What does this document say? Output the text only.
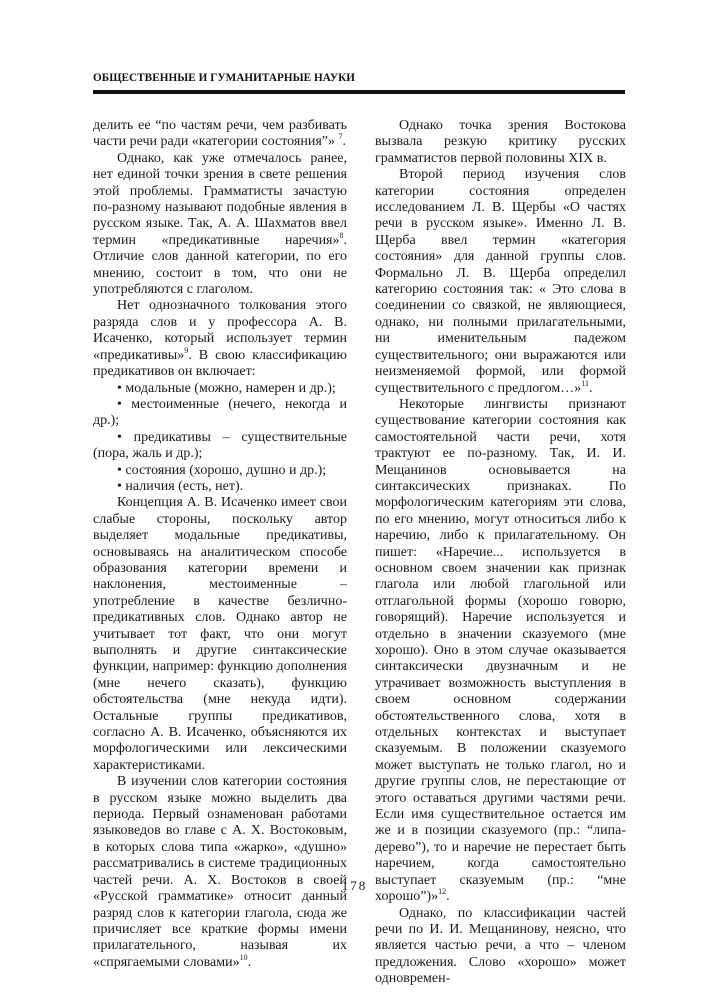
ОБЩЕСТВЕННЫЕ И ГУМАНИТАРНЫЕ НАУКИ

делить ее “по частям речи, чем разбивать части речи ради «категории состояния”» $^7$.

Однако, как уже отмечалось ранее, нет единой точки зрения в свете решения этой проблемы. Грамматисты зачастую по-разному называют подобные явления в русском языке. Так, А. А. Шахматов ввел термин «предикативные наречия»$^8$. Отличие слов данной категории, по его мнению, состоит в том, что они не употребляются с глаголом.

Нет однозначного толкования этого разряда слов и у профессора А. В. Исаченко, который использует термин «предикативы»$^9$. В свою классификацию предикативов он включает:

• модальные (можно, намерен и др.);

• местоименные (нечего, некогда и др.);

• предикативы – существительные (пора, жаль и др.);

• состояния (хорошо, душно и др.);

• наличия (есть, нет).

Концепция А. В. Исаченко имеет свои слабые стороны, поскольку автор выделяет модальные предикативы, основываясь на аналитическом способе образования категории времени и наклонения, местоименные – употребление в качестве безлично-предикативных слов. Однако автор не учитывает тот факт, что они могут выполнять и другие синтаксические функции, например: функцию дополнения (мне нечего сказать), функцию обстоятельства (мне некуда идти). Остальные группы предикативов, согласно А. В. Исаченко, объясняются их морфологическими или лексическими характеристиками.

В изучении слов категории состояния в русском языке можно выделить два периода. Первый ознаменован работами языковедов во главе с А. Х. Востоковым, в которых слова типа «жарко», «душно» рассматривались в системе традиционных частей речи. А. Х. Востоков в своей «Русской грамматике» относит данный разряд слов к категории глагола, сюда же причисляет все краткие формы имени прилагательного, называя их «спрягаемыми словами»$^{10}$.

Однако точка зрения Востокова вызвала резкую критику русских грамматистов первой половины XIX в.

Второй период изучения слов категории состояния определен исследованием Л. В. Щербы «О частях речи в русском языке». Именно Л. В. Щерба ввел термин «категория состояния» для данной группы слов. Формально Л. В. Щерба определил категорию состояния так: « Это слова в соединении со связкой, не являющиеся, однако, ни полными прилагательными, ни именительным падежом существительного; они выражаются или неизменяемой формой, или формой существительного с предлогом…»$^{11}$.

Некоторые лингвисты признают существование категории состояния как самостоятельной части речи, хотя трактуют ее по-разному. Так, И. И. Мещанинов основывается на синтаксических признаках. По морфологическим категориям эти слова, по его мнению, могут относиться либо к наречию, либо к прилагательному. Он пишет: «Наречие... используется в основном своем значении как признак глагола или любой глагольной или отглагольной формы (хорошо говорю, говорящий). Наречие используется и отдельно в значении сказуемого (мне хорошо). Оно в этом случае оказывается синтаксически двузначным и не утрачивает возможность выступления в своем основном содержании обстоятельственного слова, хотя в отдельных контекстах и выступает сказуемым. В положении сказуемого может выступать не только глагол, но и другие группы слов, не перестающие от этого оставаться другими частями речи. Если имя существительное остается им же и в позиции сказуемого (пр.: “липа-дерево”), то и наречие не перестает быть наречием, когда самостоятельно выступает сказуемым (пр.: “мне хорошо”)»$^{12}$.

Однако, по классификации частей речи по И. И. Мещанинову, неясно, что является частью речи, а что – членом предложения. Слово «хорошо» может одновремен-

178
